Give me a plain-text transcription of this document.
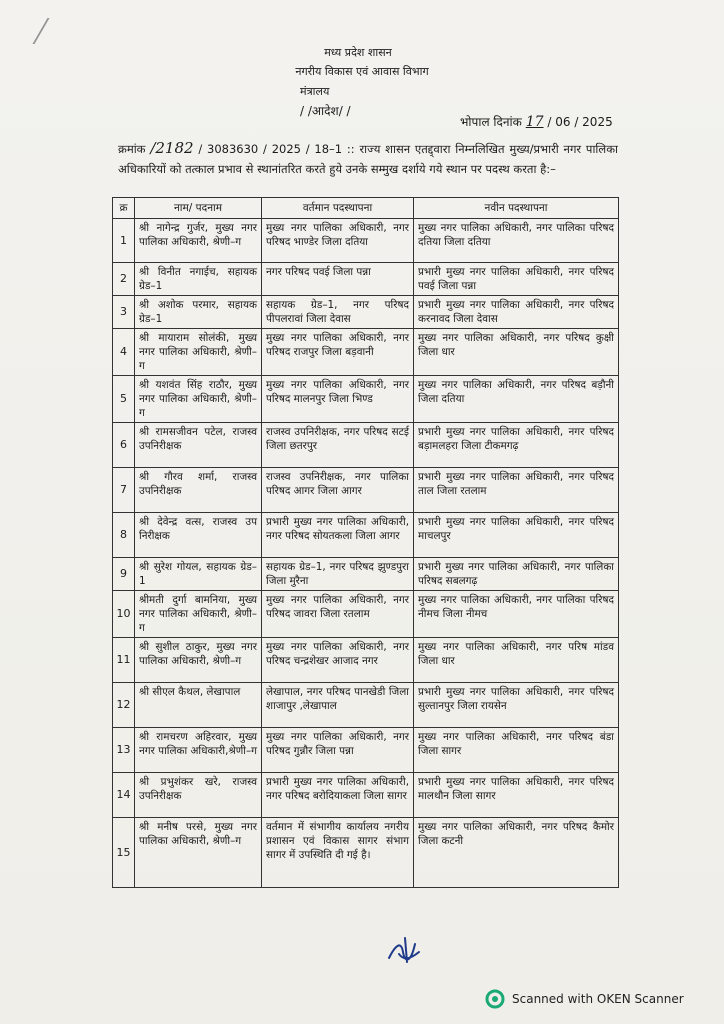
मध्य प्रदेश शासन
नगरीय विकास एवं आवास विभाग
मंत्रालय
/ /आदेश/ /
भोपाल दिनांक 17 / 06 / 2025
क्रमांक /2182 / 3083630 / 2025 / 18–1 :: राज्य शासन एतद्द्वारा निम्नलिखित मुख्य/प्रभारी नगर पालिका अधिकारियों को तत्काल प्रभाव से स्थानांतरित करते हुये उनके सम्मुख दर्शाये गये स्थान पर पदस्थ करता है:–
क्र	नाम/ पदनाम	वर्तमान पदस्थापना	नवीन पदस्थापना
1	श्री नागेन्द्र गुर्जर, मुख्य नगर पालिका अधिकारी, श्रेणी–ग	मुख्य नगर पालिका अधिकारी, नगर परिषद भाण्डेर जिला दतिया	मुख्य नगर पालिका अधिकारी, नगर पालिका परिषद दतिया जिला दतिया
2	श्री विनीत नगाईच, सहायक ग्रेड–1	नगर परिषद पवई जिला पन्ना	प्रभारी मुख्य नगर पालिका अधिकारी, नगर परिषद पवई जिला पन्ना
3	श्री अशोक परमार, सहायक ग्रेड–1	सहायक ग्रेड–1, नगर परिषद पीपलरावां जिला देवास	प्रभारी मुख्य नगर पालिका अधिकारी, नगर परिषद करनावद जिला देवास
4	श्री मायाराम सोलंकी, मुख्य नगर पालिका अधिकारी, श्रेणी–ग	मुख्य नगर पालिका अधिकारी, नगर परिषद राजपुर जिला बड़वानी	मुख्य नगर पालिका अधिकारी, नगर परिषद कुक्षी जिला धार
5	श्री यशवंत सिंह राठौर, मुख्य नगर पालिका अधिकारी, श्रेणी–ग	मुख्य नगर पालिका अधिकारी, नगर परिषद मालनपुर जिला भिण्ड	मुख्य नगर पालिका अधिकारी, नगर परिषद बड़ौनी जिला दतिया
6	श्री रामसजीवन पटेल, राजस्व उपनिरीक्षक	राजस्व उपनिरीक्षक, नगर परिषद सटई जिला छतरपुर	प्रभारी मुख्य नगर पालिका अधिकारी, नगर परिषद बड़ामलहरा जिला टीकमगढ़
7	श्री गौरव शर्मा, राजस्व उपनिरीक्षक	राजस्व उपनिरीक्षक, नगर पालिका परिषद आगर जिला आगर	प्रभारी मुख्य नगर पालिका अधिकारी, नगर परिषद ताल जिला रतलाम
8	श्री देवेन्द्र वत्स, राजस्व उप निरीक्षक	प्रभारी मुख्य नगर पालिका अधिकारी, नगर परिषद सोयतकला जिला आगर	प्रभारी मुख्य नगर पालिका अधिकारी, नगर परिषद माचलपुर
9	श्री सुरेश गोयल, सहायक ग्रेड–1	सहायक ग्रेड–1, नगर परिषद झुण्डपुरा जिला मुरैना	प्रभारी मुख्य नगर पालिका अधिकारी, नगर पालिका परिषद सबलगढ़
10	श्रीमती दुर्गा बामनिया, मुख्य नगर पालिका अधिकारी, श्रेणी–ग	मुख्य नगर पालिका अधिकारी, नगर परिषद जावरा जिला रतलाम	मुख्य नगर पालिका अधिकारी, नगर पालिका परिषद नीमच जिला नीमच
11	श्री सुशील ठाकुर, मुख्य नगर पालिका अधिकारी, श्रेणी–ग	मुख्य नगर पालिका अधिकारी, नगर परिषद चन्द्रशेखर आजाद नगर	मुख्य नगर पालिका अधिकारी, नगर परिष मांडव जिला धार
12	श्री सीएल कैथल, लेखापाल	लेखापाल, नगर परिषद पानखेडी जिला शाजापुर ,लेखापाल	प्रभारी मुख्य नगर पालिका अधिकारी, नगर परिषद सुल्तानपुर जिला रायसेन
13	श्री रामचरण अहिरवार, मुख्य नगर पालिका अधिकारी,श्रेणी–ग	मुख्य नगर पालिका अधिकारी, नगर परिषद गुन्नौर जिला पन्ना	मुख्य नगर पालिका अधिकारी, नगर परिषद बंडा जिला सागर
14	श्री प्रभुशंकर खरे, राजस्व उपनिरीक्षक	प्रभारी मुख्य नगर पालिका अधिकारी, नगर परिषद बरोदियाकला जिला सागर	प्रभारी मुख्य नगर पालिका अधिकारी, नगर परिषद मालथौन जिला सागर
15	श्री मनीष परसे, मुख्य नगर पालिका अधिकारी, श्रेणी–ग	वर्तमान में संभागीय कार्यालय नगरीय प्रशासन एवं विकास सागर संभाग सागर में उपस्थिति दी गई है।	मुख्य नगर पालिका अधिकारी, नगर परिषद कैमोर जिला कटनी
Scanned with OKEN Scanner
